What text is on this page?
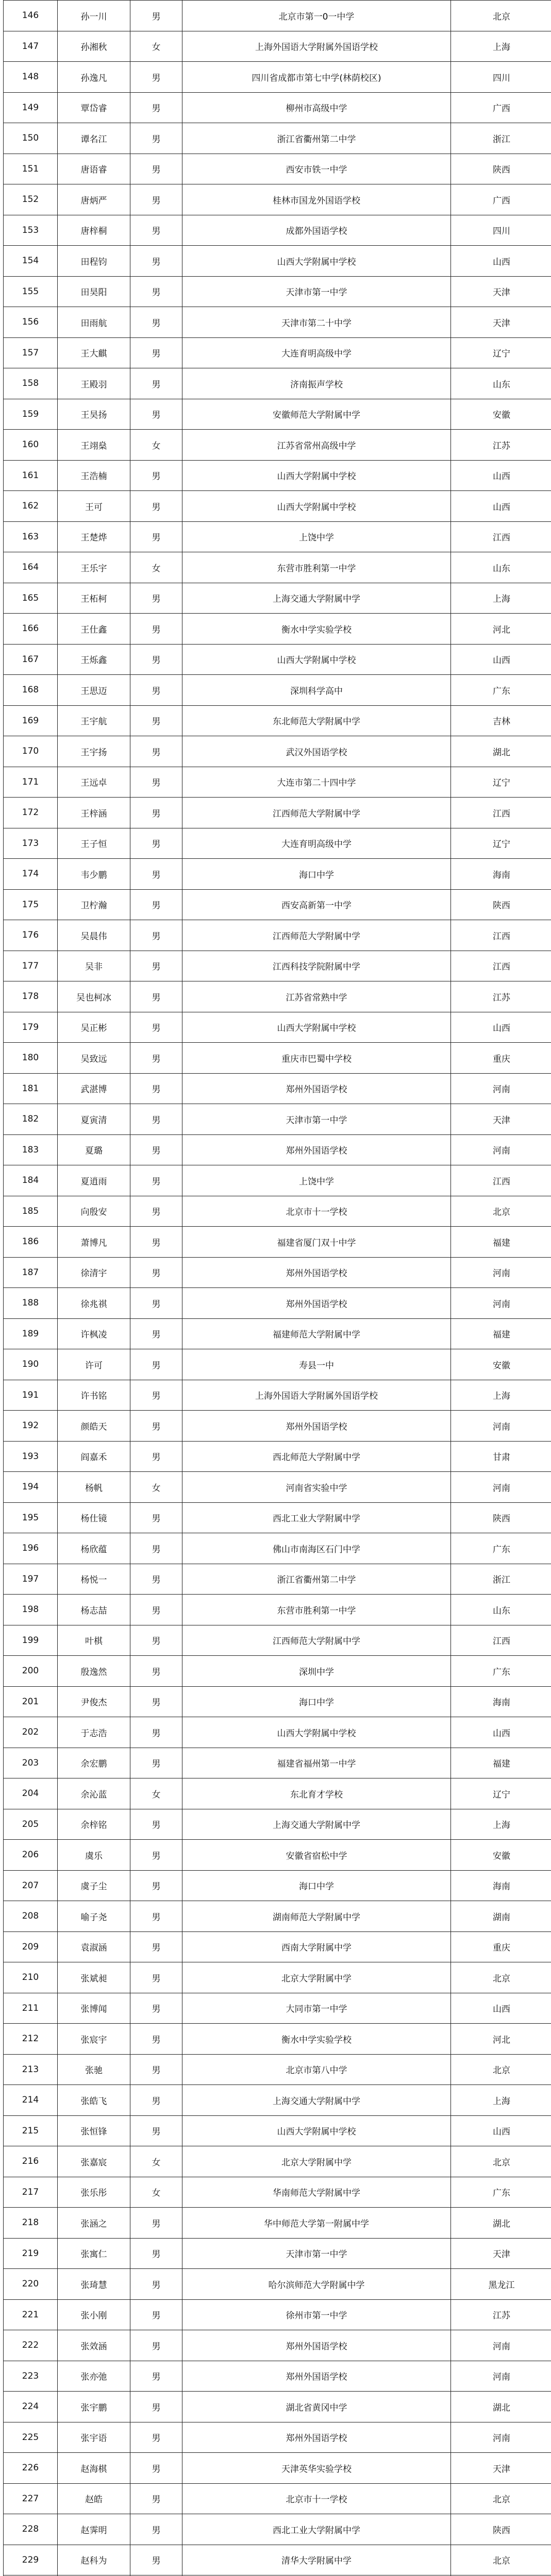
146	孙一川	男	北京市第一0一中学	北京
147	孙湘秋	女	上海外国语大学附属外国语学校	上海
148	孙逸凡	男	四川省成都市第七中学(林荫校区)	四川
149	覃岱睿	男	柳州市高级中学	广西
150	谭名江	男	浙江省衢州第二中学	浙江
151	唐语睿	男	西安市铁一中学	陕西
152	唐炳严	男	桂林市国龙外国语学校	广西
153	唐梓桐	男	成都外国语学校	四川
154	田程钧	男	山西大学附属中学校	山西
155	田昊阳	男	天津市第一中学	天津
156	田雨航	男	天津市第二十中学	天津
157	王大麒	男	大连育明高级中学	辽宁
158	王殿羽	男	济南振声学校	山东
159	王昊扬	男	安徽师范大学附属中学	安徽
160	王翊燊	女	江苏省常州高级中学	江苏
161	王浩楠	男	山西大学附属中学校	山西
162	王可	男	山西大学附属中学校	山西
163	王楚烨	男	上饶中学	江西
164	王乐宇	女	东营市胜利第一中学	山东
165	王柘柯	男	上海交通大学附属中学	上海
166	王仕鑫	男	衡水中学实验学校	河北
167	王烁鑫	男	山西大学附属中学校	山西
168	王思迈	男	深圳科学高中	广东
169	王宇航	男	东北师范大学附属中学	吉林
170	王宇扬	男	武汉外国语学校	湖北
171	王远卓	男	大连市第二十四中学	辽宁
172	王梓涵	男	江西师范大学附属中学	江西
173	王子恒	男	大连育明高级中学	辽宁
174	韦少鹏	男	海口中学	海南
175	卫柠瀚	男	西安高新第一中学	陕西
176	吴晨伟	男	江西师范大学附属中学	江西
177	吴非	男	江西科技学院附属中学	江西
178	吴也柯冰	男	江苏省常熟中学	江苏
179	吴正彬	男	山西大学附属中学校	山西
180	吴致远	男	重庆市巴蜀中学校	重庆
181	武湛博	男	郑州外国语学校	河南
182	夏寅清	男	天津市第一中学	天津
183	夏璐	男	郑州外国语学校	河南
184	夏逍雨	男	上饶中学	江西
185	向殷安	男	北京市十一学校	北京
186	萧博凡	男	福建省厦门双十中学	福建
187	徐清宇	男	郑州外国语学校	河南
188	徐兆祺	男	郑州外国语学校	河南
189	许枫凌	男	福建师范大学附属中学	福建
190	许可	男	寿县一中	安徽
191	许书铭	男	上海外国语大学附属外国语学校	上海
192	颜皓天	男	郑州外国语学校	河南
193	阎嘉禾	男	西北师范大学附属中学	甘肃
194	杨帆	女	河南省实验中学	河南
195	杨仕镜	男	西北工业大学附属中学	陕西
196	杨欣蕴	男	佛山市南海区石门中学	广东
197	杨悦一	男	浙江省衢州第二中学	浙江
198	杨志喆	男	东营市胜利第一中学	山东
199	叶棋	男	江西师范大学附属中学	江西
200	殷逸然	男	深圳中学	广东
201	尹俊杰	男	海口中学	海南
202	于志浩	男	山西大学附属中学校	山西
203	余宏鹏	男	福建省福州第一中学	福建
204	余沁蓝	女	东北育才学校	辽宁
205	余梓铭	男	上海交通大学附属中学	上海
206	虞乐	男	安徽省宿松中学	安徽
207	虞子尘	男	海口中学	海南
208	喻子尧	男	湖南师范大学附属中学	湖南
209	袁淑涵	男	西南大学附属中学	重庆
210	张斌昶	男	北京大学附属中学	北京
211	张博闻	男	大同市第一中学	山西
212	张宸宇	男	衡水中学实验学校	河北
213	张驰	男	北京市第八中学	北京
214	张皓飞	男	上海交通大学附属中学	上海
215	张恒锋	男	山西大学附属中学校	山西
216	张嘉宸	女	北京大学附属中学	北京
217	张乐彤	女	华南师范大学附属中学	广东
218	张涵之	男	华中师范大学第一附属中学	湖北
219	张寓仁	男	天津市第一中学	天津
220	张琦慧	男	哈尔滨师范大学附属中学	黑龙江
221	张小刚	男	徐州市第一中学	江苏
222	张效涵	男	郑州外国语学校	河南
223	张亦弛	男	郑州外国语学校	河南
224	张宇鹏	男	湖北省黄冈中学	湖北
225	张宇语	男	郑州外国语学校	河南
226	赵海棋	男	天津英华实验学校	天津
227	赵皓	男	北京市十一学校	北京
228	赵霁明	男	西北工业大学附属中学	陕西
229	赵科为	男	清华大学附属中学	北京
